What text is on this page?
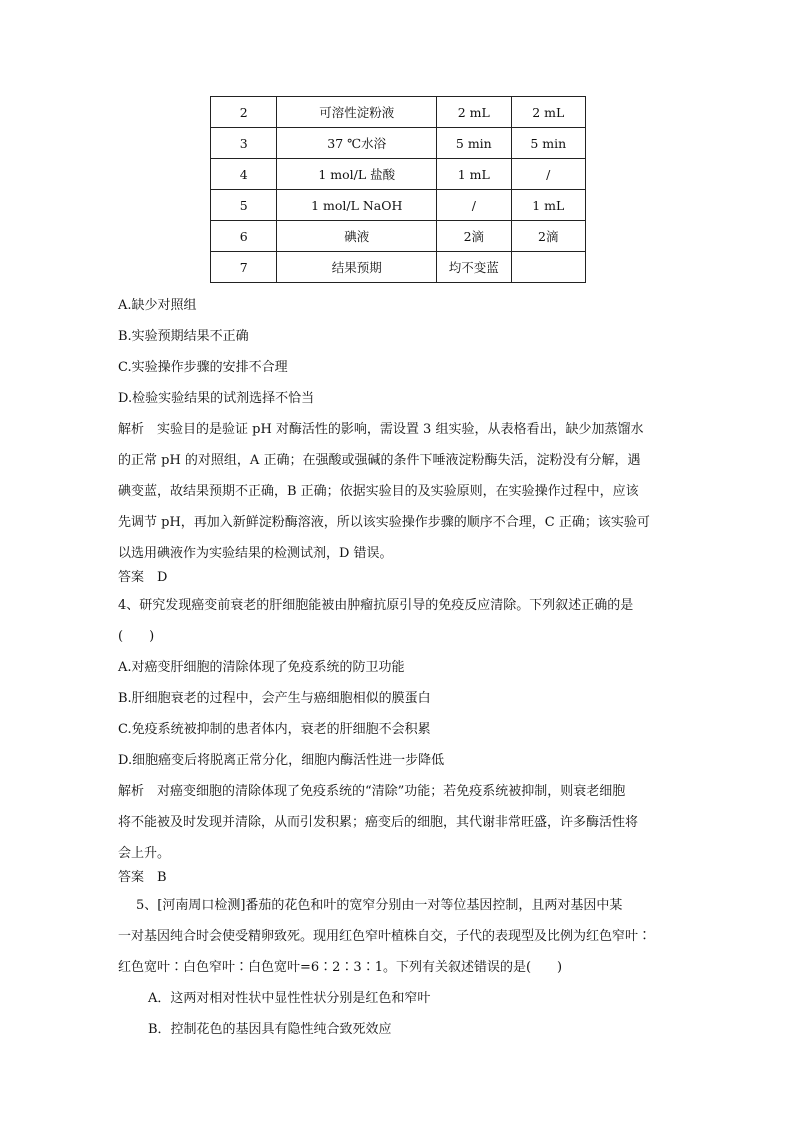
2	可溶性淀粉液	2 mL	2 mL
3	37 ℃水浴	5 min	5 min
4	1 mol/L 盐酸	1 mL	/
5	1 mol/L NaOH	/	1 mL
6	碘液	2滴	2滴
7	结果预期	均不变蓝	
A.缺少对照组
B.实验预期结果不正确
C.实验操作步骤的安排不合理
D.检验实验结果的试剂选择不恰当
解析　实验目的是验证 pH 对酶活性的影响，需设置 3 组实验，从表格看出，缺少加蒸馏水
的正常 pH 的对照组，A 正确；在强酸或强碱的条件下唾液淀粉酶失活，淀粉没有分解，遇
碘变蓝，故结果预期不正确，B 正确；依据实验目的及实验原则，在实验操作过程中，应该
先调节 pH，再加入新鲜淀粉酶溶液，所以该实验操作步骤的顺序不合理，C 正确；该实验可
以选用碘液作为实验结果的检测试剂，D 错误。
答案　D
4、研究发现癌变前衰老的肝细胞能被由肿瘤抗原引导的免疫反应清除。下列叙述正确的是
(　　)
A.对癌变肝细胞的清除体现了免疫系统的防卫功能
B.肝细胞衰老的过程中，会产生与癌细胞相似的膜蛋白
C.免疫系统被抑制的患者体内，衰老的肝细胞不会积累
D.细胞癌变后将脱离正常分化，细胞内酶活性进一步降低
解析　对癌变细胞的清除体现了免疫系统的“清除”功能；若免疫系统被抑制，则衰老细胞
将不能被及时发现并清除，从而引发积累；癌变后的细胞，其代谢非常旺盛，许多酶活性将
会上升。
答案　B
5、[河南周口检测]番茄的花色和叶的宽窄分别由一对等位基因控制，且两对基因中某
一对基因纯合时会使受精卵致死。现用红色窄叶植株自交，子代的表现型及比例为红色窄叶∶
红色宽叶∶白色窄叶∶白色宽叶=6∶2∶3∶1。下列有关叙述错误的是(　　)
A．这两对相对性状中显性性状分别是红色和窄叶
B．控制花色的基因具有隐性纯合致死效应
